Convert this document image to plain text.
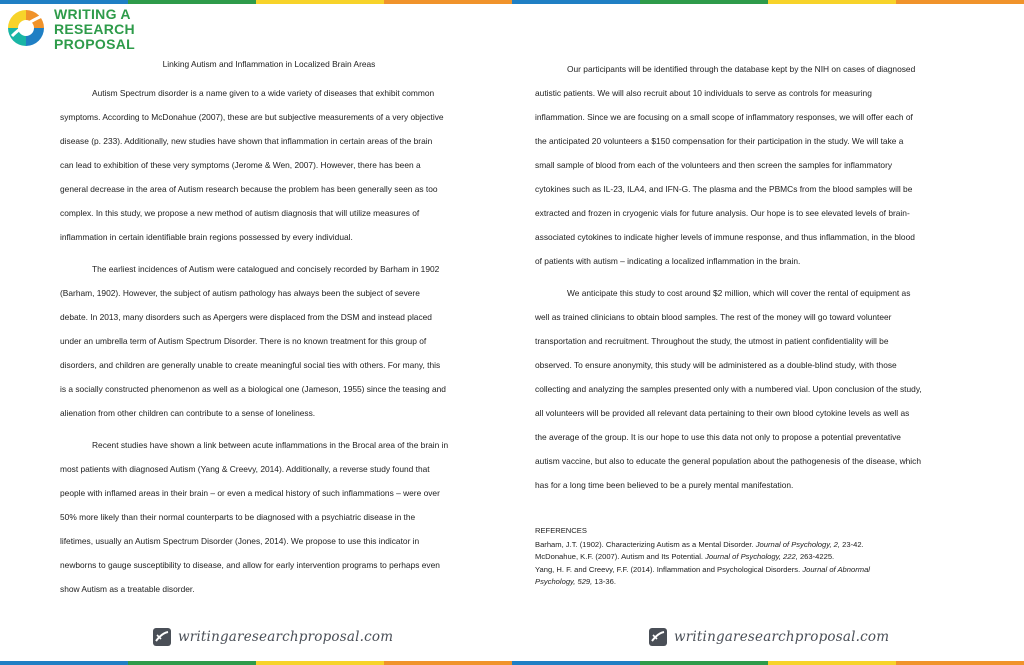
WRITING A
RESEARCH
PROPOSAL
Linking Autism and Inflammation in Localized Brain Areas
Autism Spectrum disorder is a name given to a wide variety of diseases that exhibit common
symptoms. According to McDonahue (2007), these are but subjective measurements of a very objective
disease (p. 233). Additionally, new studies have shown that inflammation in certain areas of the brain
can lead to exhibition of these very symptoms (Jerome & Wen, 2007). However, there has been a
general decrease in the area of Autism research because the problem has been generally seen as too
complex. In this study, we propose a new method of autism diagnosis that will utilize measures of
inflammation in certain identifiable brain regions possessed by every individual.
The earliest incidences of Autism were catalogued and concisely recorded by Barham in 1902
(Barham, 1902). However, the subject of autism pathology has always been the subject of severe
debate. In 2013, many disorders such as Apergers were displaced from the DSM and instead placed
under an umbrella term of Autism Spectrum Disorder. There is no known treatment for this group of
disorders, and children are generally unable to create meaningful social ties with others. For many, this
is a socially constructed phenomenon as well as a biological one (Jameson, 1955) since the teasing and
alienation from other children can contribute to a sense of loneliness.
Recent studies have shown a link between acute inflammations in the Brocal area of the brain in
most patients with diagnosed Autism (Yang & Creevy, 2014). Additionally, a reverse study found that
people with inflamed areas in their brain – or even a medical history of such inflammations – were over
50% more likely than their normal counterparts to be diagnosed with a psychiatric disease in the
lifetimes, usually an Autism Spectrum Disorder (Jones, 2014). We propose to use this indicator in
newborns to gauge susceptibility to disease, and allow for early intervention programs to perhaps even
show Autism as a treatable disorder.
Our participants will be identified through the database kept by the NIH on cases of diagnosed
autistic patients. We will also recruit about 10 individuals to serve as controls for measuring
inflammation. Since we are focusing on a small scope of inflammatory responses, we will offer each of
the anticipated 20 volunteers a $150 compensation for their participation in the study. We will take a
small sample of blood from each of the volunteers and then screen the samples for inflammatory
cytokines such as IL-23, ILA4, and IFN-G. The plasma and the PBMCs from the blood samples will be
extracted and frozen in cryogenic vials for future analysis. Our hope is to see elevated levels of brain-
associated cytokines to indicate higher levels of immune response, and thus inflammation, in the blood
of patients with autism – indicating a localized inflammation in the brain.
We anticipate this study to cost around $2 million, which will cover the rental of equipment as
well as trained clinicians to obtain blood samples. The rest of the money will go toward volunteer
transportation and recruitment. Throughout the study, the utmost in patient confidentiality will be
observed. To ensure anonymity, this study will be administered as a double-blind study, with those
collecting and analyzing the samples presented only with a numbered vial. Upon conclusion of the study,
all volunteers will be provided all relevant data pertaining to their own blood cytokine levels as well as
the average of the group. It is our hope to use this data not only to propose a potential preventative
autism vaccine, but also to educate the general population about the pathogenesis of the disease, which
has for a long time been believed to be a purely mental manifestation.
REFERENCES
Barham, J.T. (1902). Characterizing Autism as a Mental Disorder. Journal of Psychology, 2, 23-42.
McDonahue, K.F. (2007). Autism and Its Potential. Journal of Psychology, 222, 263-4225.
Yang, H. F. and Creevy, F.F. (2014). Inflammation and Psychological Disorders. Journal of Abnormal
Psychology, 529, 13-36.
writingaresearchproposal.com	writingaresearchproposal.com
